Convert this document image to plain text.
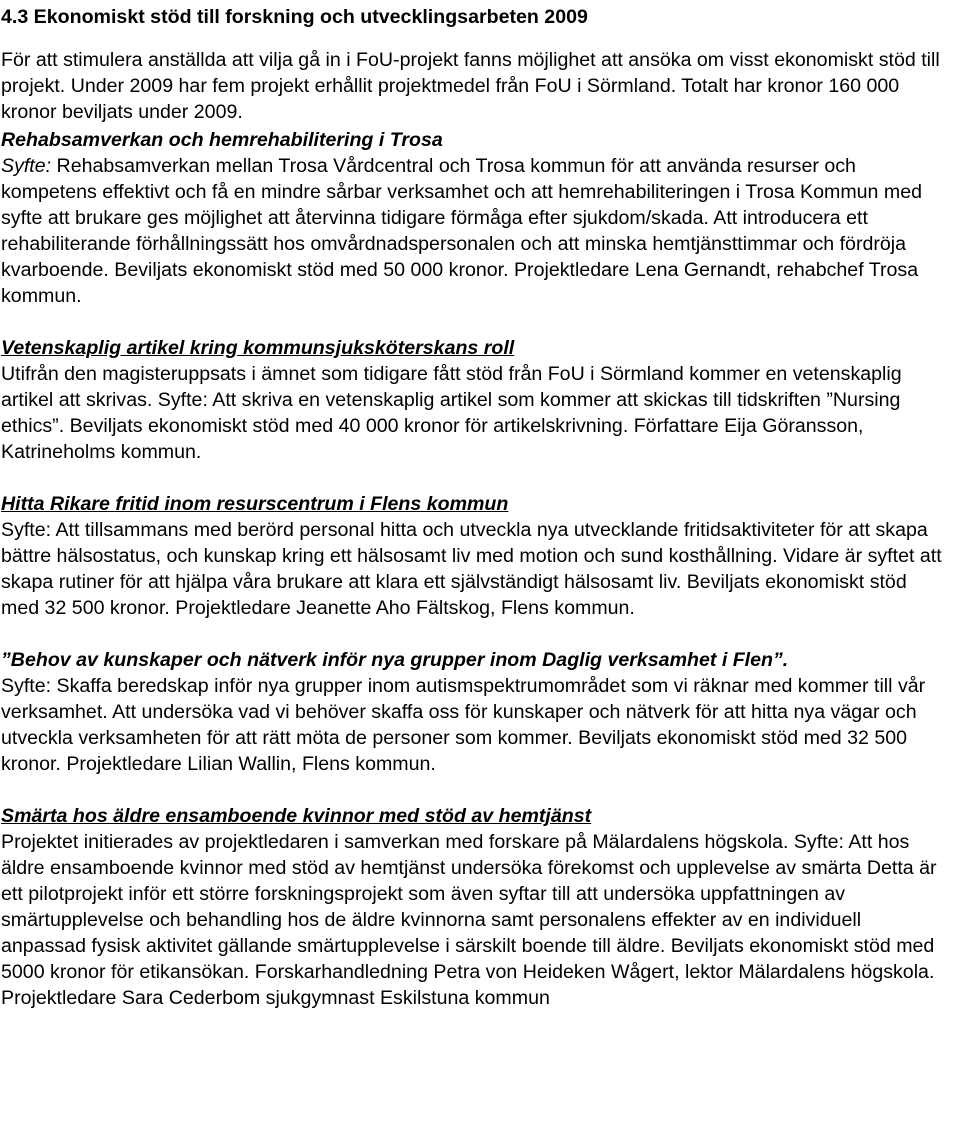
4.3 Ekonomiskt stöd till forskning och utvecklingsarbeten 2009

För att stimulera anställda att vilja gå in i FoU-projekt fanns möjlighet att ansöka om visst ekonomiskt stöd till projekt. Under 2009 har fem projekt erhållit projektmedel från FoU i Sörmland. Totalt har kronor 160 000 kronor beviljats under 2009.

Rehabsamverkan och hemrehabilitering i Trosa

Syfte: Rehabsamverkan mellan Trosa Vårdcentral och Trosa kommun för att använda resurser och kompetens effektivt och få en mindre sårbar verksamhet och att hemrehabiliteringen i Trosa Kommun med syfte att brukare ges möjlighet att återvinna tidigare förmåga efter sjukdom/skada. Att introducera ett rehabiliterande förhållningssätt hos omvårdnadspersonalen och att minska hemtjänsttimmar och fördröja kvarboende. Beviljats ekonomiskt stöd med 50 000 kronor. Projektledare Lena Gernandt, rehabchef Trosa kommun.

Vetenskaplig artikel kring kommunsjuksköterskans roll

Utifrån den magisteruppsats i ämnet som tidigare fått stöd från FoU i Sörmland kommer en vetenskaplig artikel att skrivas. Syfte: Att skriva en vetenskaplig artikel som kommer att skickas till tidskriften ”Nursing ethics”. Beviljats ekonomiskt stöd med 40 000 kronor för artikelskrivning. Författare Eija Göransson, Katrineholms kommun.

Hitta Rikare fritid inom resurscentrum i Flens kommun

Syfte: Att tillsammans med berörd personal hitta och utveckla nya utvecklande fritidsaktiviteter för att skapa bättre hälsostatus, och kunskap kring ett hälsosamt liv med motion och sund kosthållning. Vidare är syftet att skapa rutiner för att hjälpa våra brukare att klara ett självständigt hälsosamt liv. Beviljats ekonomiskt stöd med 32 500 kronor. Projektledare Jeanette Aho Fältskog, Flens kommun.

”Behov av kunskaper och nätverk inför nya grupper inom Daglig verksamhet i Flen”.

Syfte: Skaffa beredskap inför nya grupper inom autismspektrumområdet som vi räknar med kommer till vår verksamhet. Att undersöka vad vi behöver skaffa oss för kunskaper och nätverk för att hitta nya vägar och utveckla verksamheten för att rätt möta de personer som kommer. Beviljats ekonomiskt stöd med 32 500 kronor. Projektledare Lilian Wallin, Flens kommun.

Smärta hos äldre ensamboende kvinnor med stöd av hemtjänst

Projektet initierades av projektledaren i samverkan med forskare på Mälardalens högskola. Syfte: Att hos äldre ensamboende kvinnor med stöd av hemtjänst undersöka förekomst och upplevelse av smärta Detta är ett pilotprojekt inför ett större forskningsprojekt som även syftar till att undersöka uppfattningen av smärtupplevelse och behandling hos de äldre kvinnorna samt personalens effekter av en individuell anpassad fysisk aktivitet gällande smärtupplevelse i särskilt boende till äldre. Beviljats ekonomiskt stöd med 5000 kronor för etikansökan. Forskarhandledning Petra von Heideken Wågert, lektor Mälardalens högskola. Projektledare Sara Cederbom sjukgymnast Eskilstuna kommun
